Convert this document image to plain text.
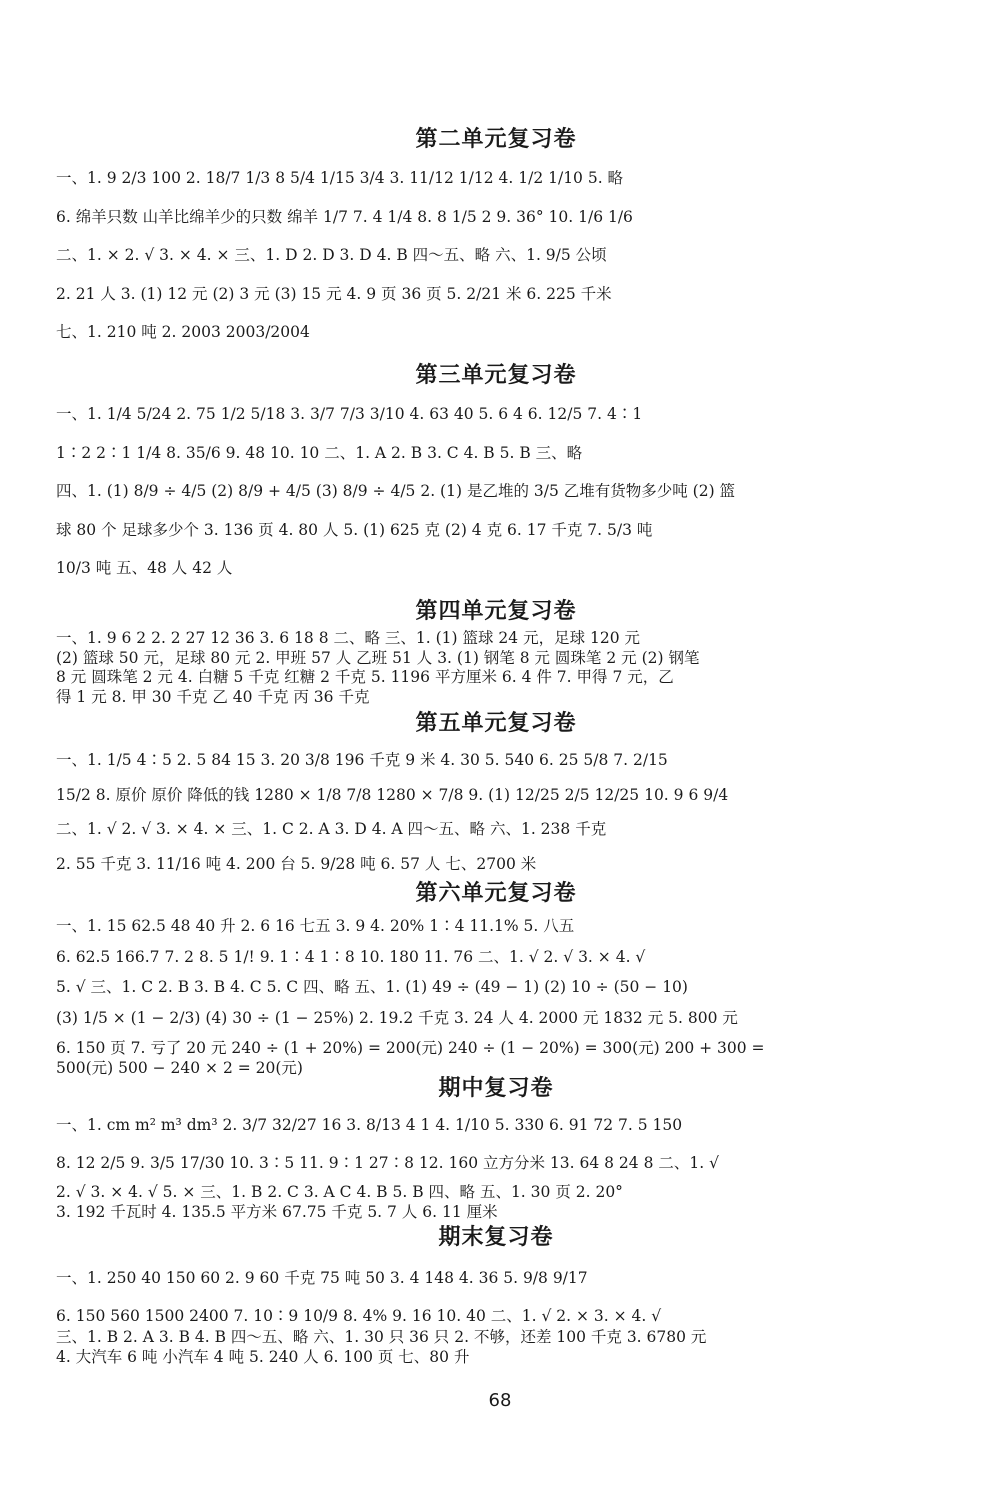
第二单元复习卷
一、1. 9 2/3 100 2. 18/7 1/3 8 5/4 1/15 3/4 3. 11/12 1/12 4. 1/2 1/10 5. 略
6. 绵羊只数 山羊比绵羊少的只数 绵羊 1/7 7. 4 1/4 8. 8 1/5 2 9. 36° 10. 1/6 1/6
二、1. × 2. √ 3. × 4. × 三、1. D 2. D 3. D 4. B 四～五、略 六、1. 9/5 公顷
2. 21 人 3. (1) 12 元 (2) 3 元 (3) 15 元 4. 9 页 36 页 5. 2/21 米 6. 225 千米
七、1. 210 吨 2. 2003 2003/2004
第三单元复习卷
一、1. 1/4 5/24 2. 75 1/2 5/18 3. 3/7 7/3 3/10 4. 63 40 5. 6 4 6. 12/5 7. 4∶1
1∶2 2∶1 1/4 8. 35/6 9. 48 10. 10 二、1. A 2. B 3. C 4. B 5. B 三、略
四、1. (1) 8/9 ÷ 4/5 (2) 8/9 + 4/5 (3) 8/9 ÷ 4/5 2. (1) 是乙堆的 3/5 乙堆有货物多少吨 (2) 篮
球 80 个 足球多少个 3. 136 页 4. 80 人 5. (1) 625 克 (2) 4 克 6. 17 千克 7. 5/3 吨
10/3 吨 五、48 人 42 人
第四单元复习卷
一、1. 9 6 2 2. 2 27 12 36 3. 6 18 8 二、略 三、1. (1) 篮球 24 元，足球 120 元
(2) 篮球 50 元，足球 80 元 2. 甲班 57 人 乙班 51 人 3. (1) 钢笔 8 元 圆珠笔 2 元 (2) 钢笔
8 元 圆珠笔 2 元 4. 白糖 5 千克 红糖 2 千克 5. 1196 平方厘米 6. 4 件 7. 甲得 7 元，乙
得 1 元 8. 甲 30 千克 乙 40 千克 丙 36 千克
第五单元复习卷
一、1. 1/5 4∶5 2. 5 84 15 3. 20 3/8 196 千克 9 米 4. 30 5. 540 6. 25 5/8 7. 2/15
15/2 8. 原价 原价 降低的钱 1280 × 1/8 7/8 1280 × 7/8 9. (1) 12/25 2/5 12/25 10. 9 6 9/4
二、1. √ 2. √ 3. × 4. × 三、1. C 2. A 3. D 4. A 四～五、略 六、1. 238 千克
2. 55 千克 3. 11/16 吨 4. 200 台 5. 9/28 吨 6. 57 人 七、2700 米
第六单元复习卷
一、1. 15 62.5 48 40 升 2. 6 16 七五 3. 9 4. 20% 1∶4 11.1% 5. 八五
6. 62.5 166.7 7. 2 8. 5 1/! 9. 1∶4 1∶8 10. 180 11. 76 二、1. √ 2. √ 3. × 4. √
5. √ 三、1. C 2. B 3. B 4. C 5. C 四、略 五、1. (1) 49 ÷ (49 − 1) (2) 10 ÷ (50 − 10)
(3) 1/5 × (1 − 2/3) (4) 30 ÷ (1 − 25%) 2. 19.2 千克 3. 24 人 4. 2000 元 1832 元 5. 800 元
6. 150 页 7. 亏了 20 元 240 ÷ (1 + 20%) = 200(元) 240 ÷ (1 − 20%) = 300(元) 200 + 300 =
500(元) 500 − 240 × 2 = 20(元)
期中复习卷
一、1. cm m² m³ dm³ 2. 3/7 32/27 16 3. 8/13 4 1 4. 1/10 5. 330 6. 91 72 7. 5 150
8. 12 2/5 9. 3/5 17/30 10. 3∶5 11. 9∶1 27∶8 12. 160 立方分米 13. 64 8 24 8 二、1. √
2. √ 3. × 4. √ 5. × 三、1. B 2. C 3. A C 4. B 5. B 四、略 五、1. 30 页 2. 20°
3. 192 千瓦时 4. 135.5 平方米 67.75 千克 5. 7 人 6. 11 厘米
期末复习卷
一、1. 250 40 150 60 2. 9 60 千克 75 吨 50 3. 4 148 4. 36 5. 9/8 9/17
6. 150 560 1500 2400 7. 10∶9 10/9 8. 4% 9. 16 10. 40 二、1. √ 2. × 3. × 4. √
三、1. B 2. A 3. B 4. B 四～五、略 六、1. 30 只 36 只 2. 不够，还差 100 千克 3. 6780 元
4. 大汽车 6 吨 小汽车 4 吨 5. 240 人 6. 100 页 七、80 升
68
